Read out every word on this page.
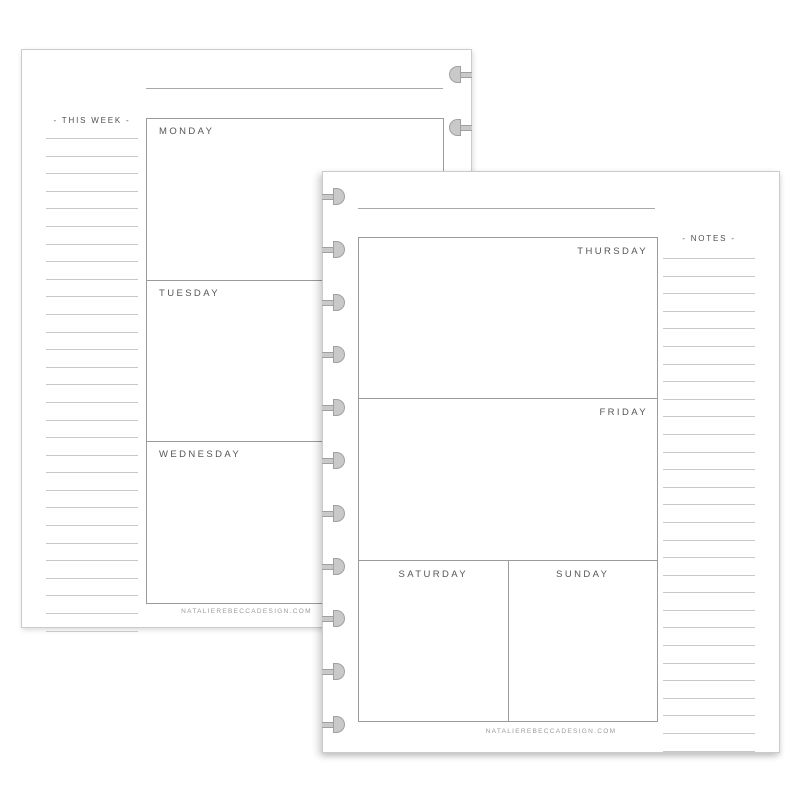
- THIS WEEK -
MONDAY
TUESDAY
WEDNESDAY
NATALIEREBECCADESIGN.COM
- NOTES -
THURSDAY
FRIDAY
SATURDAY	SUNDAY
NATALIEREBECCADESIGN.COM
